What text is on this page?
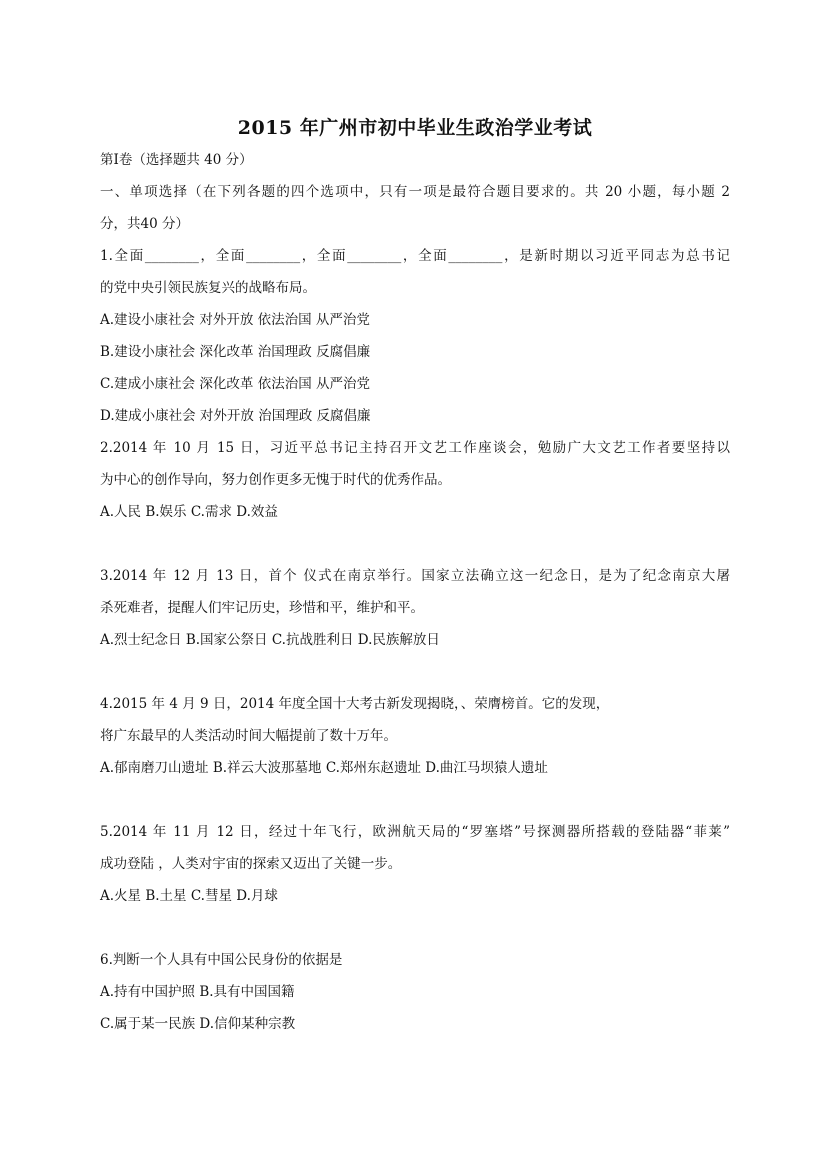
2015 年广州市初中毕业生政治学业考试
第Ⅰ卷（选择题共 40 分）
一、单项选择（在下列各题的四个选项中，只有一项是最符合题目要求的。共 20 小题，每小题 2
分，共40 分）
1.全面________，全面________，全面________，全面________，是新时期以习近平同志为总书记
的党中央引领民族复兴的战略布局。
A.建设小康社会 对外开放 依法治国 从严治党
B.建设小康社会 深化改革 治国理政 反腐倡廉
C.建成小康社会 深化改革 依法治国 从严治党
D.建成小康社会 对外开放 治国理政 反腐倡廉
2.2014 年 10 月 15 日，习近平总书记主持召开文艺工作座谈会，勉励广大文艺工作者要坚持以
为中心的创作导向，努力创作更多无愧于时代的优秀作品。
A.人民 B.娱乐 C.需求 D.效益
3.2014 年 12 月 13 日，首个 仪式在南京举行。国家立法确立这一纪念日，是为了纪念南京大屠
杀死难者，提醒人们牢记历史，珍惜和平，维护和平。
A.烈士纪念日 B.国家公祭日 C.抗战胜利日 D.民族解放日
4.2015 年 4 月 9 日，2014 年度全国十大考古新发现揭晓，、荣膺榜首。它的发现，
将广东最早的人类活动时间大幅提前了数十万年。
A.郁南磨刀山遗址 B.祥云大波那墓地 C.郑州东赵遗址 D.曲江马坝猿人遗址
5.2014 年 11 月 12 日，经过十年飞行，欧洲航天局的“罗塞塔”号探测器所搭载的登陆器“菲莱”
成功登陆 ，人类对宇宙的探索又迈出了关键一步。
A.火星 B.土星 C.彗星 D.月球
6.判断一个人具有中国公民身份的依据是
A.持有中国护照 B.具有中国国籍
C.属于某一民族 D.信仰某种宗教
